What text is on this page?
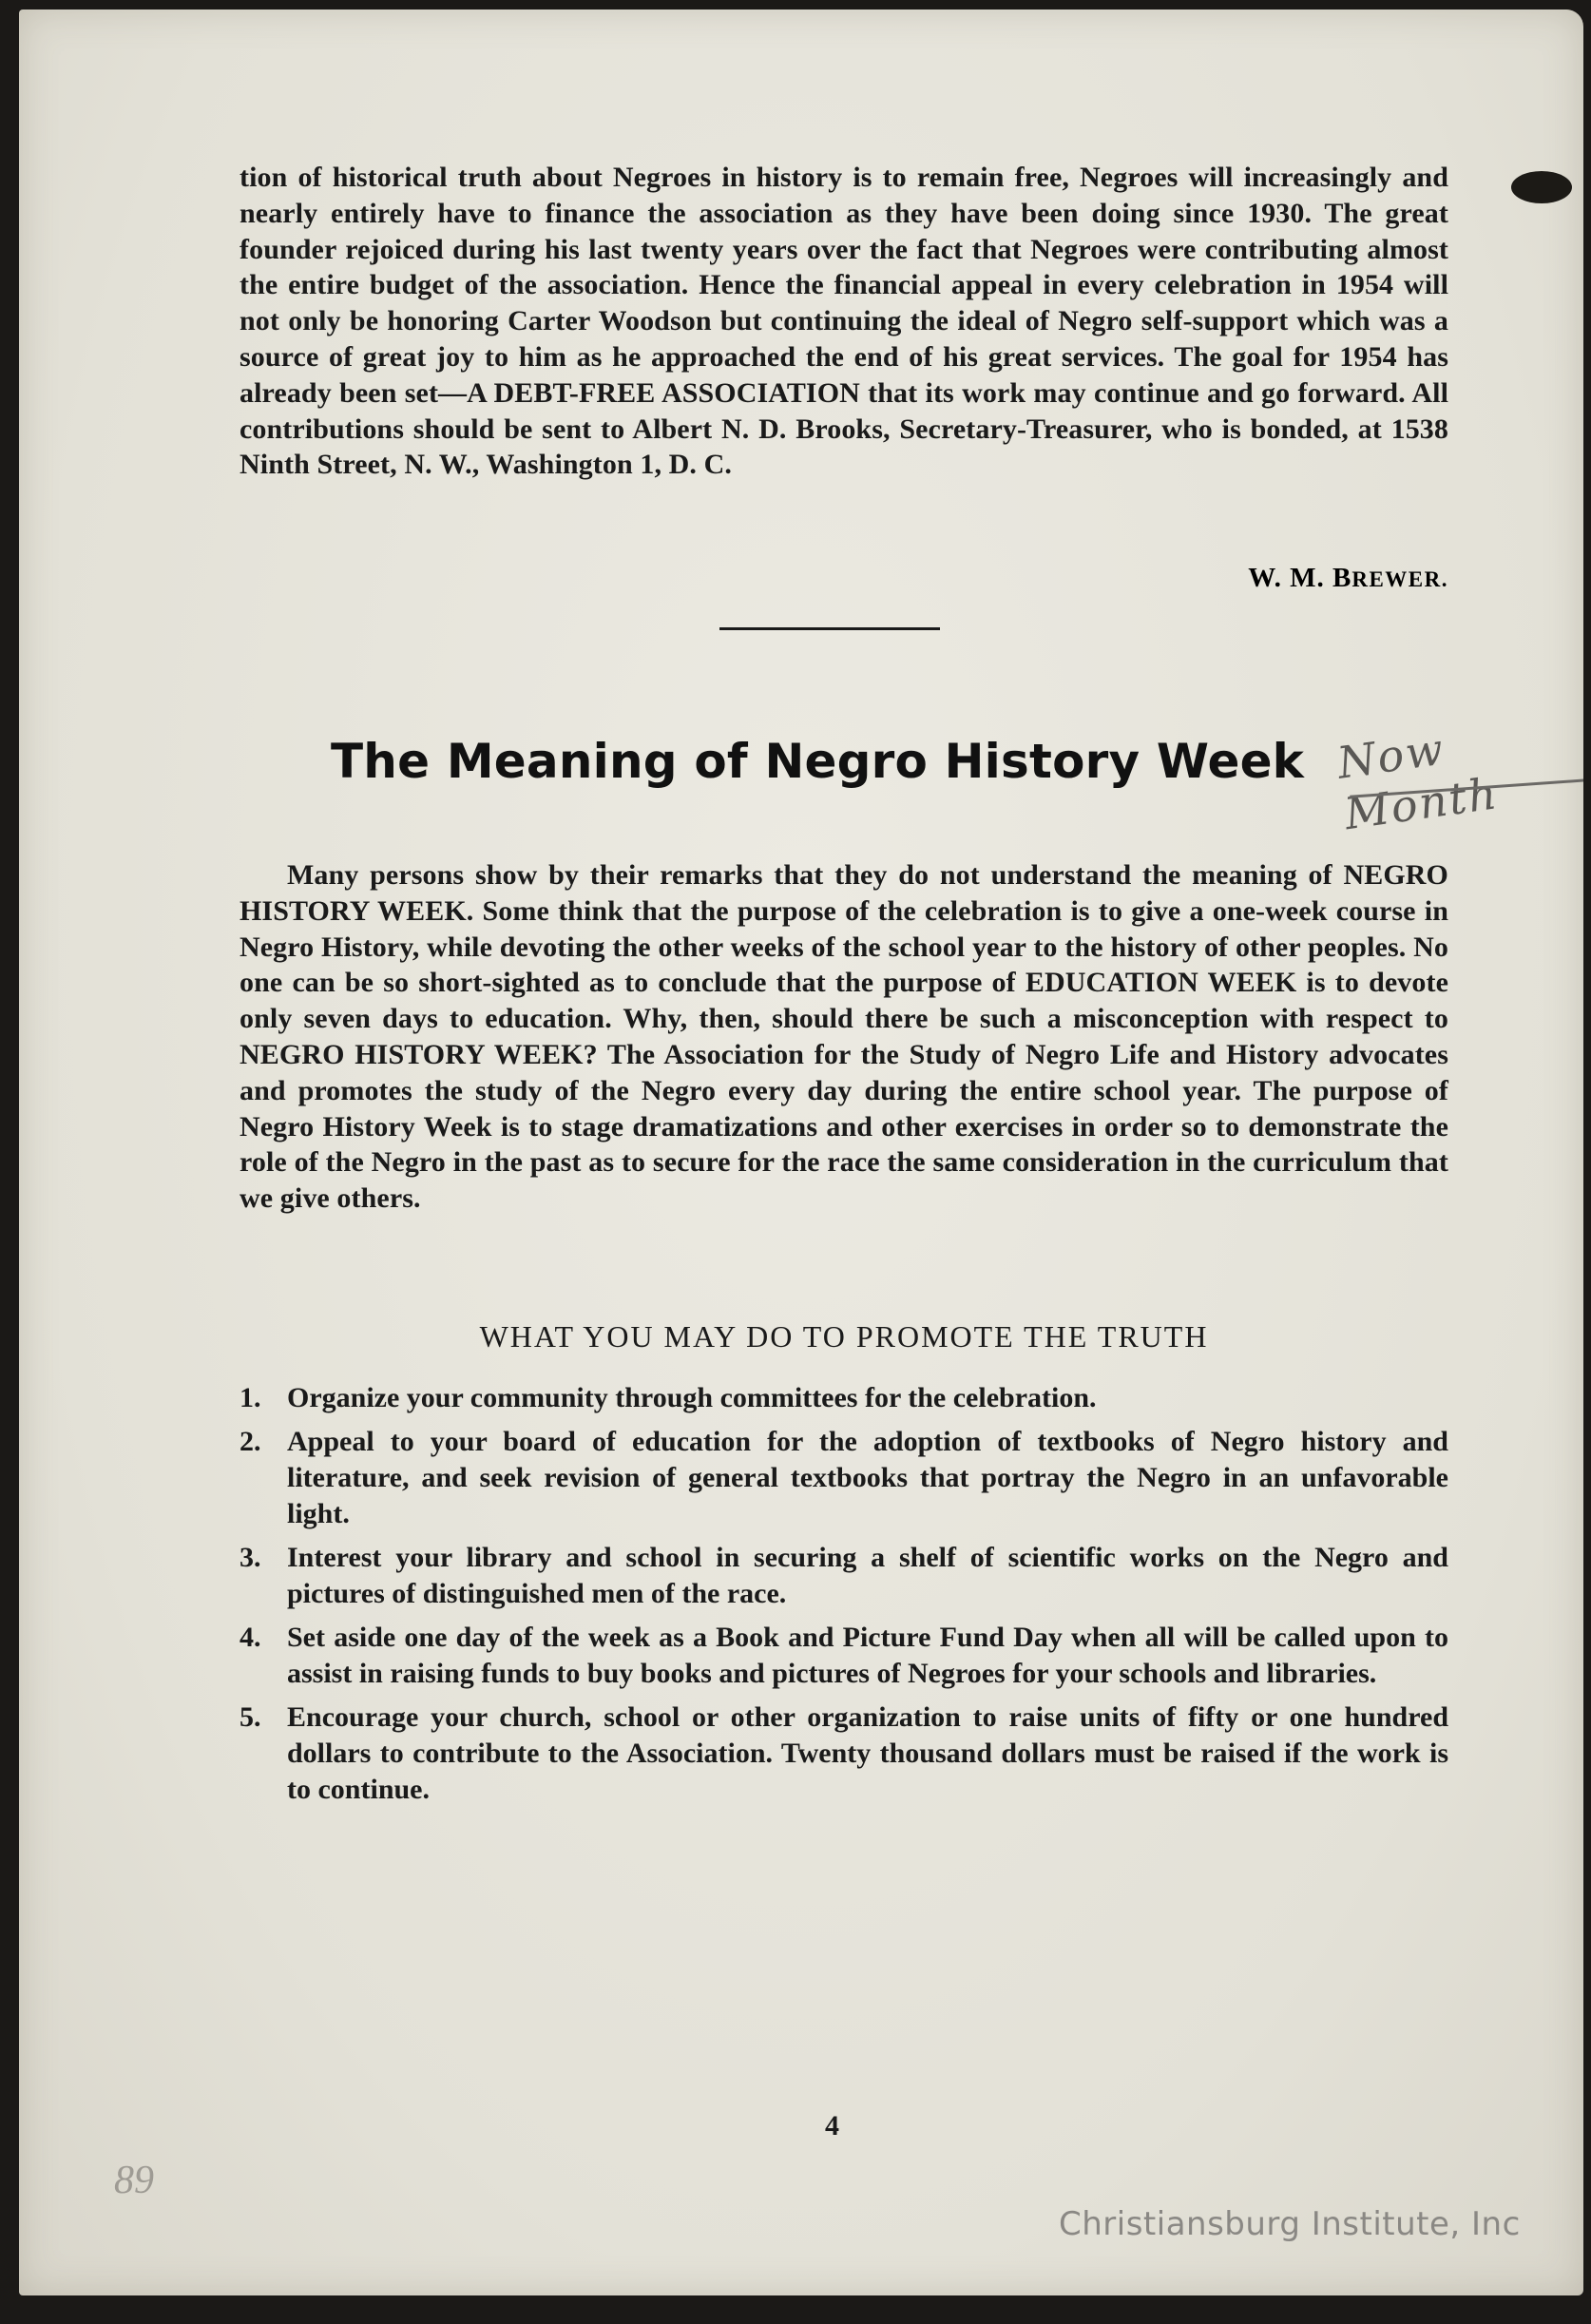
tion of historical truth about Negroes in history is to remain free, Negroes will increasingly and nearly entirely have to finance the association as they have been doing since 1930. The great founder rejoiced during his last twenty years over the fact that Negroes were contributing almost the entire budget of the association. Hence the financial appeal in every celebration in 1954 will not only be honoring Carter Woodson but continuing the ideal of Negro self-support which was a source of great joy to him as he approached the end of his great services. The goal for 1954 has already been set—A DEBT-FREE ASSOCIATION that its work may continue and go forward. All contributions should be sent to Albert N. D. Brooks, Secretary-Treasurer, who is bonded, at 1538 Ninth Street, N. W., Washington 1, D. C.

W. M. BREWER.
The Meaning of Negro History Week Now Month

Many persons show by their remarks that they do not understand the meaning of NEGRO HISTORY WEEK. Some think that the purpose of the celebration is to give a one-week course in Negro History, while devoting the other weeks of the school year to the history of other peoples. No one can be so short-sighted as to conclude that the purpose of EDUCATION WEEK is to devote only seven days to education. Why, then, should there be such a misconception with respect to NEGRO HISTORY WEEK? The Association for the Study of Negro Life and History advocates and promotes the study of the Negro every day during the entire school year. The purpose of Negro History Week is to stage dramatizations and other exercises in order so to demonstrate the role of the Negro in the past as to secure for the race the same consideration in the curriculum that we give others.

WHAT YOU MAY DO TO PROMOTE THE TRUTH
1. Organize your community through committees for the celebration.
2. Appeal to your board of education for the adoption of textbooks of Negro history and literature, and seek revision of general textbooks that portray the Negro in an unfavorable light.
3. Interest your library and school in securing a shelf of scientific works on the Negro and pictures of distinguished men of the race.
4. Set aside one day of the week as a Book and Picture Fund Day when all will be called upon to assist in raising funds to buy books and pictures of Negroes for your schools and libraries.
5. Encourage your church, school or other organization to raise units of fifty or one hundred dollars to contribute to the Association. Twenty thousand dollars must be raised if the work is to continue.
4
89
Christiansburg Institute, Inc
